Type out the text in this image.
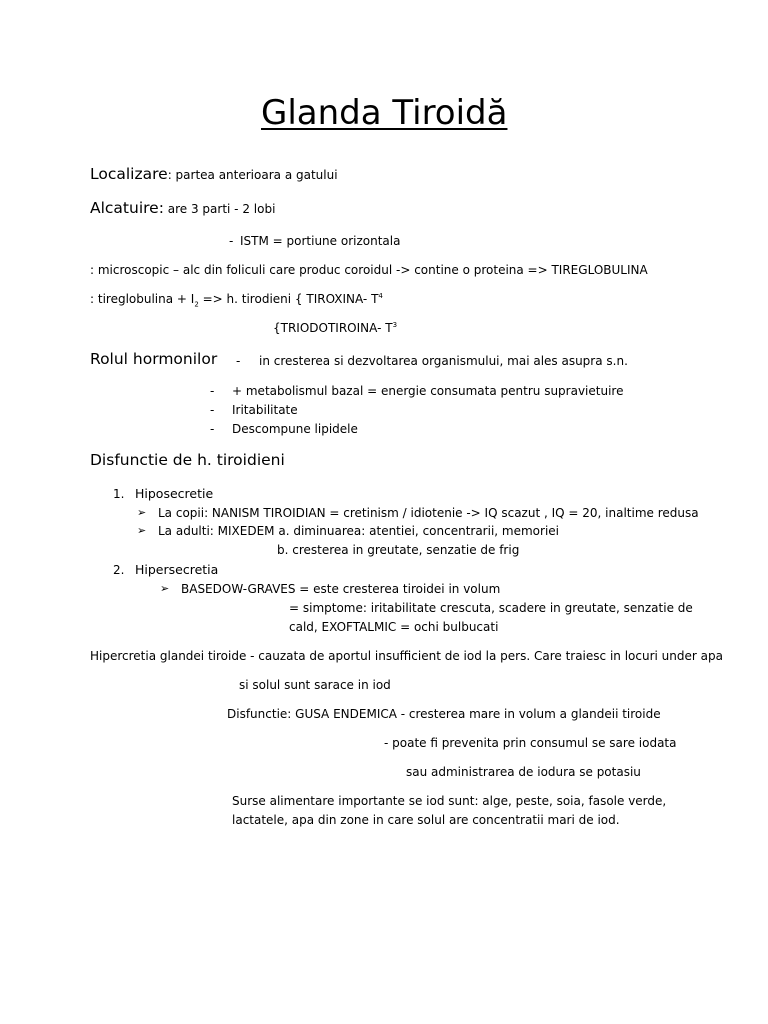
Glanda Tiroidă
Localizare: partea anterioara a gatului
Alcatuire: are 3 parti - 2 lobi
- ISTM = portiune orizontala
: microscopic – alc din foliculi care produc coroidul -> contine o proteina => TIREGLOBULINA
: tireglobulina + $I_2 => h$. tirodieni { TIROXINA- $T^4$
{TRIODOTIROINA- $T^3$
Rolul hormonilor - in cresterea si dezvoltarea organismului, mai ales asupra s.n.
- + metabolismul bazal = energie consumata pentru supravietuire
- Iritabilitate
- Descompune lipidele
Disfunctie de h. tiroidieni
1. Hiposecretie
➢ La copii: NANISM TIROIDIAN = cretinism / idiotenie -> IQ scazut , IQ = 20, inaltime redusa
➢ La adulti: MIXEDEM a. diminuarea: atentiei, concentrarii, memoriei
b. cresterea in greutate, senzatie de frig
2. Hipersecretia
➢ BASEDOW-GRAVES = este cresterea tiroidei in volum
= simptome: iritabilitate crescuta, scadere in greutate, senzatie de
cald, EXOFTALMIC = ochi bulbucati
Hipercretia glandei tiroide - cauzata de aportul insufficient de iod la pers. Care traiesc in locuri under apa
si solul sunt saracе in iod
Disfunctie: GUSA ENDEMICA - cresterea mare in volum a glandeii tiroide
- poate fi prevenita prin consumul se sare iodata
sau administrarea de iodura se potasiu
Surse alimentare importante se iod sunt: alge, peste, soia, fasole verde,
lactatele, apa din zone in care solul are concentratii mari de iod.
